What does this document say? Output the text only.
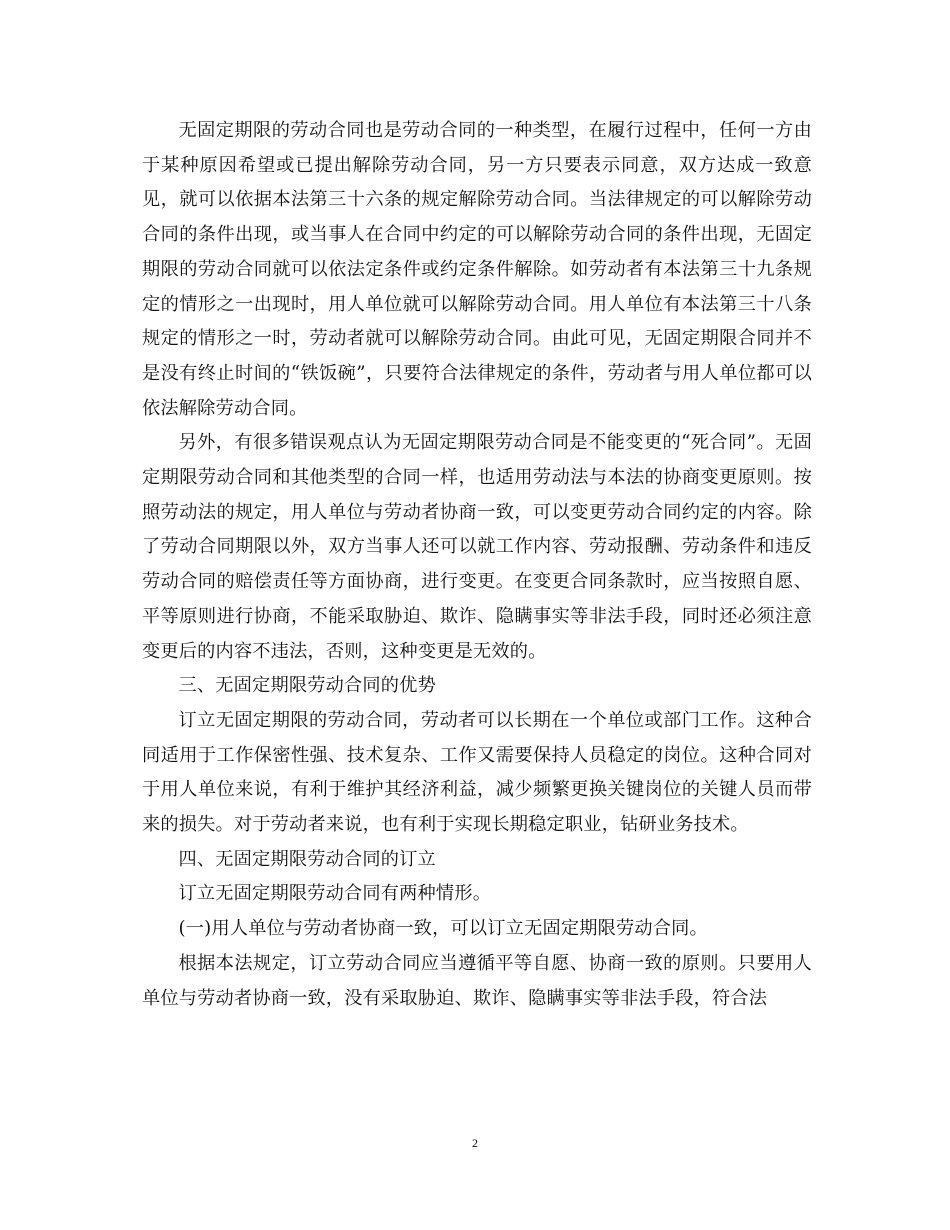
无固定期限的劳动合同也是劳动合同的一种类型，在履行过程中，任何一方由于某种原因希望或已提出解除劳动合同，另一方只要表示同意，双方达成一致意见，就可以依据本法第三十六条的规定解除劳动合同。当法律规定的可以解除劳动合同的条件出现，或当事人在合同中约定的可以解除劳动合同的条件出现，无固定期限的劳动合同就可以依法定条件或约定条件解除。如劳动者有本法第三十九条规定的情形之一出现时，用人单位就可以解除劳动合同。用人单位有本法第三十八条规定的情形之一时，劳动者就可以解除劳动合同。由此可见，无固定期限合同并不是没有终止时间的“铁饭碗”，只要符合法律规定的条件，劳动者与用人单位都可以依法解除劳动合同。

另外，有很多错误观点认为无固定期限劳动合同是不能变更的“死合同”。无固定期限劳动合同和其他类型的合同一样，也适用劳动法与本法的协商变更原则。按照劳动法的规定，用人单位与劳动者协商一致，可以变更劳动合同约定的内容。除了劳动合同期限以外，双方当事人还可以就工作内容、劳动报酬、劳动条件和违反劳动合同的赔偿责任等方面协商，进行变更。在变更合同条款时，应当按照自愿、平等原则进行协商，不能采取胁迫、欺诈、隐瞒事实等非法手段，同时还必须注意变更后的内容不违法，否则，这种变更是无效的。

三、无固定期限劳动合同的优势

订立无固定期限的劳动合同，劳动者可以长期在一个单位或部门工作。这种合同适用于工作保密性强、技术复杂、工作又需要保持人员稳定的岗位。这种合同对于用人单位来说，有利于维护其经济利益，减少频繁更换关键岗位的关键人员而带来的损失。对于劳动者来说，也有利于实现长期稳定职业，钻研业务技术。

四、无固定期限劳动合同的订立

订立无固定期限劳动合同有两种情形。

(一)用人单位与劳动者协商一致，可以订立无固定期限劳动合同。

根据本法规定，订立劳动合同应当遵循平等自愿、协商一致的原则。只要用人单位与劳动者协商一致，没有采取胁迫、欺诈、隐瞒事实等非法手段，符合法

2
